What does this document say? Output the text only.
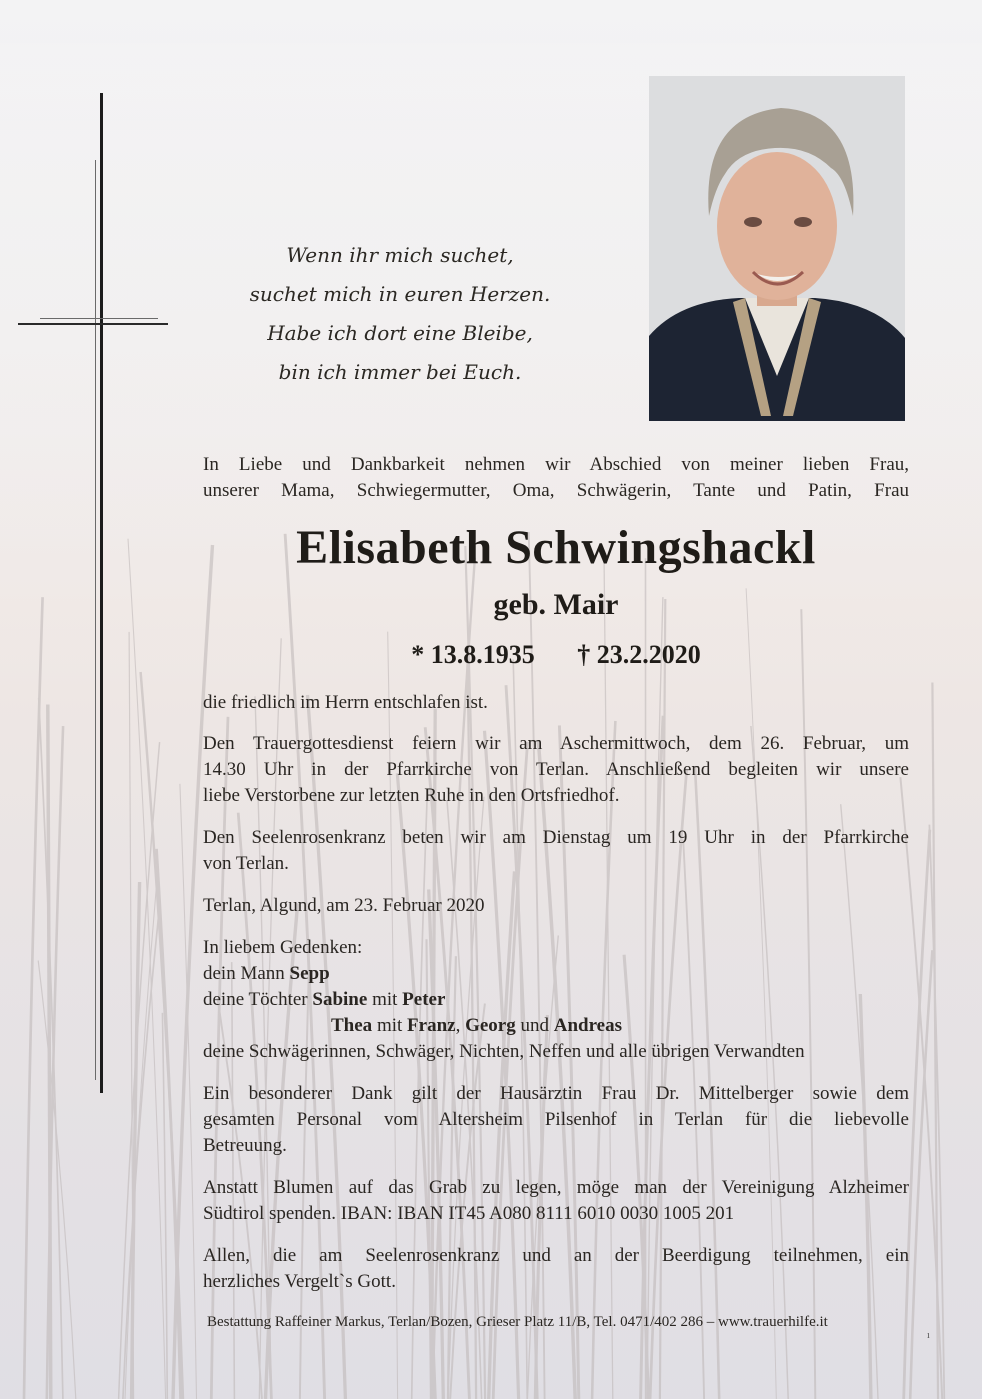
Wenn ihr mich suchet,
suchet mich in euren Herzen.
Habe ich dort eine Bleibe,
bin ich immer bei Euch.
In Liebe und Dankbarkeit nehmen wir Abschied von meiner lieben Frau,
unserer Mama, Schwiegermutter, Oma, Schwägerin, Tante und Patin, Frau
Elisabeth Schwingshackl
geb. Mair
* 13.8.1935 † 23.2.2020
die friedlich im Herrn entschlafen ist.
Den Trauergottesdienst feiern wir am Aschermittwoch, dem 26. Februar, um
14.30 Uhr in der Pfarrkirche von Terlan. Anschließend begleiten wir unsere
liebe Verstorbene zur letzten Ruhe in den Ortsfriedhof.
Den Seelenrosenkranz beten wir am Dienstag um 19 Uhr in der Pfarrkirche
von Terlan.
Terlan, Algund, am 23. Februar 2020
In liebem Gedenken:
dein Mann Sepp
deine Töchter Sabine mit Peter
Thea mit Franz, Georg und Andreas
deine Schwägerinnen, Schwäger, Nichten, Neffen und alle übrigen Verwandten
Ein besonderer Dank gilt der Hausärztin Frau Dr. Mittelberger sowie dem
gesamten Personal vom Altersheim Pilsenhof in Terlan für die liebevolle
Betreuung.
Anstatt Blumen auf das Grab zu legen, möge man der Vereinigung Alzheimer
Südtirol spenden. IBAN: IBAN IT45 A080 8111 6010 0030 1005 201
Allen, die am Seelenrosenkranz und an der Beerdigung teilnehmen, ein
herzliches Vergelt`s Gott.
Bestattung Raffeiner Markus, Terlan/Bozen, Grieser Platz 11/B, Tel. 0471/402 286 – www.trauerhilfe.it
ı
